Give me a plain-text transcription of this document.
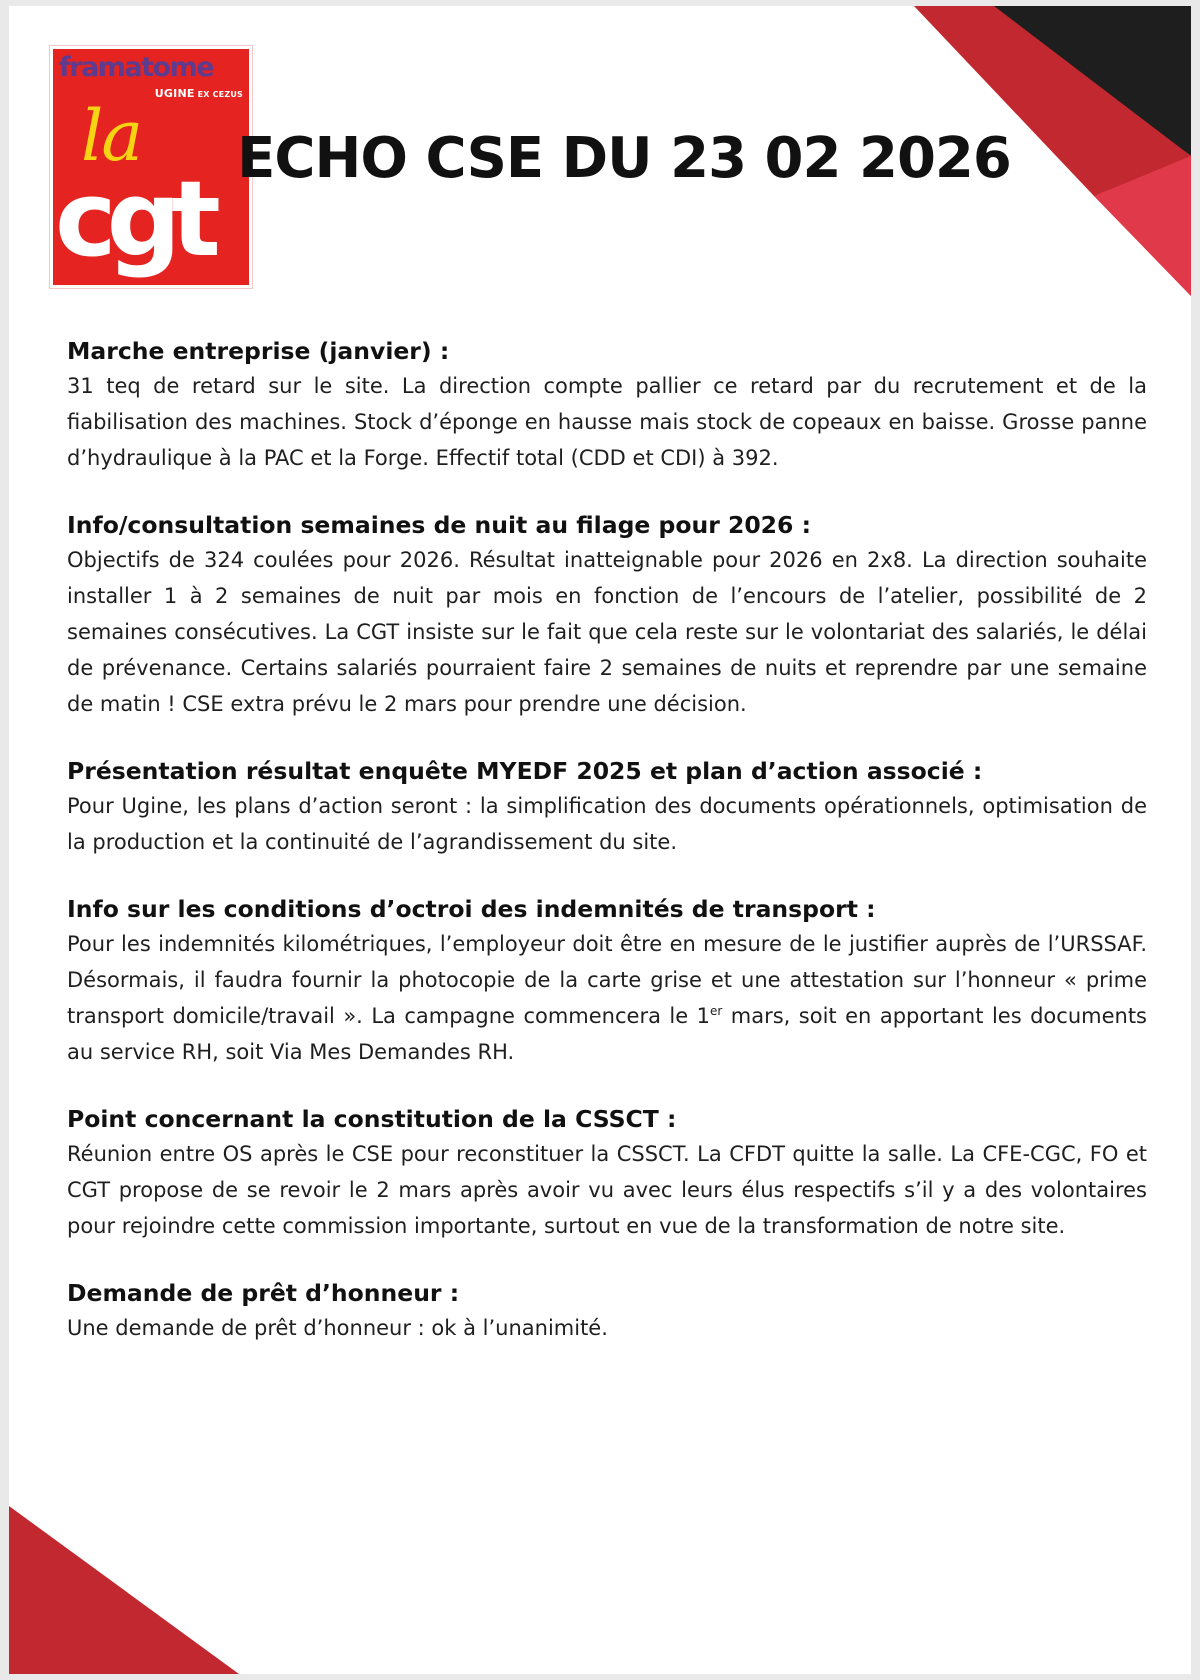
framatome
UGINE EX CEZUS
la
cgt ECHO CSE DU 23 02 2026

Marche entreprise (janvier) :

31 teq de retard sur le site. La direction compte pallier ce retard par du recrutement et de la fiabilisation des machines. Stock d’éponge en hausse mais stock de copeaux en baisse. Grosse panne d’hydraulique à la PAC et la Forge. Effectif total (CDD et CDI) à 392.

Info/consultation semaines de nuit au filage pour 2026 :

Objectifs de 324 coulées pour 2026. Résultat inatteignable pour 2026 en 2x8. La direction souhaite installer 1 à 2 semaines de nuit par mois en fonction de l’encours de l’atelier, possibilité de 2 semaines consécutives. La CGT insiste sur le fait que cela reste sur le volontariat des salariés, le délai de prévenance. Certains salariés pourraient faire 2 semaines de nuits et reprendre par une semaine de matin ! CSE extra prévu le 2 mars pour prendre une décision.

Présentation résultat enquête MYEDF 2025 et plan d’action associé :

Pour Ugine, les plans d’action seront : la simplification des documents opérationnels, optimisation de la production et la continuité de l’agrandissement du site.

Info sur les conditions d’octroi des indemnités de transport :

Pour les indemnités kilométriques, l’employeur doit être en mesure de le justifier auprès de l’URSSAF. Désormais, il faudra fournir la photocopie de la carte grise et une attestation sur l’honneur « prime transport domicile/travail ». La campagne commencera le 1er mars, soit en apportant les documents au service RH, soit Via Mes Demandes RH.

Point concernant la constitution de la CSSCT :

Réunion entre OS après le CSE pour reconstituer la CSSCT. La CFDT quitte la salle. La CFE-CGC, FO et CGT propose de se revoir le 2 mars après avoir vu avec leurs élus respectifs s’il y a des volontaires pour rejoindre cette commission importante, surtout en vue de la transformation de notre site.

Demande de prêt d’honneur :

Une demande de prêt d’honneur : ok à l’unanimité.
